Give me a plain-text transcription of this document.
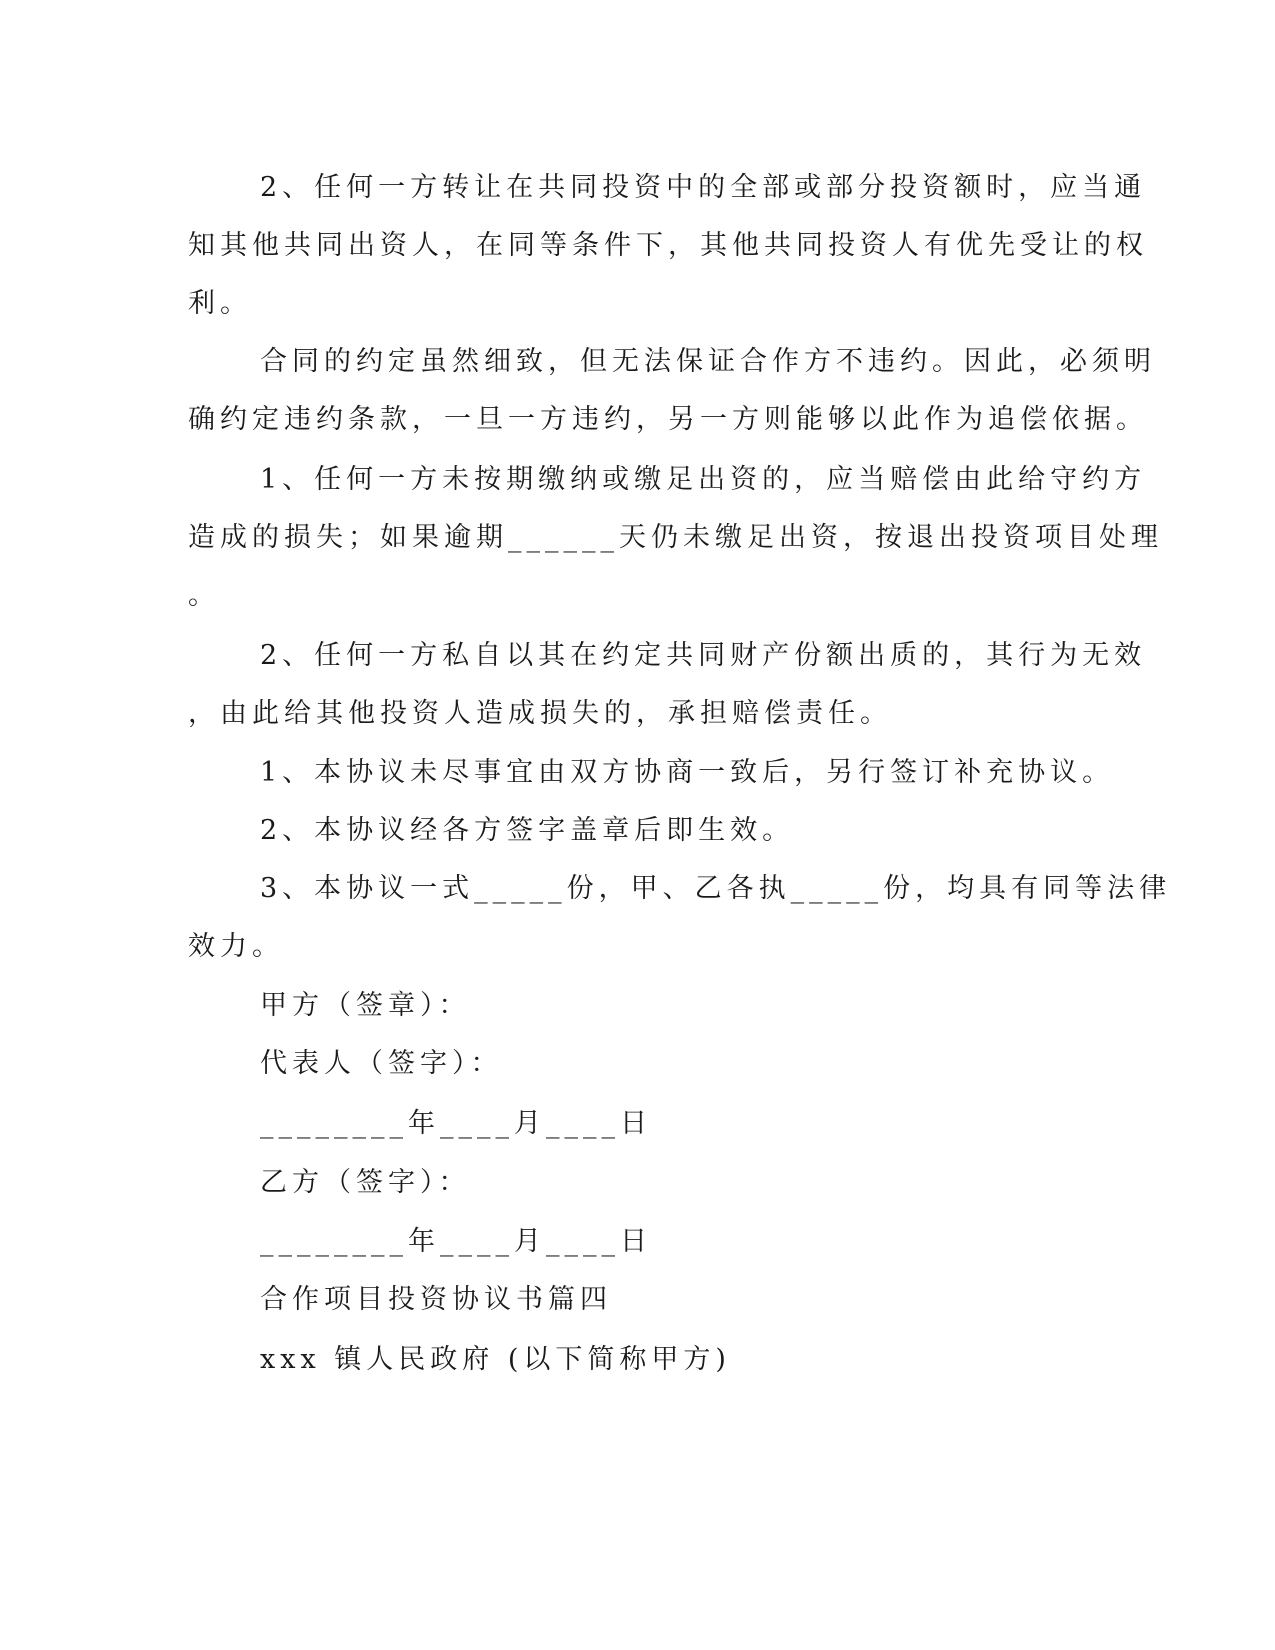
2、任何一方转让在共同投资中的全部或部分投资额时，应当通
知其他共同出资人，在同等条件下，其他共同投资人有优先受让的权
利。
合同的约定虽然细致，但无法保证合作方不违约。因此，必须明
确约定违约条款，一旦一方违约，另一方则能够以此作为追偿依据。
1、任何一方未按期缴纳或缴足出资的，应当赔偿由此给守约方
造成的损失；如果逾期______天仍未缴足出资，按退出投资项目处理
。
2、任何一方私自以其在约定共同财产份额出质的，其行为无效
，由此给其他投资人造成损失的，承担赔偿责任。
1、本协议未尽事宜由双方协商一致后，另行签订补充协议。
2、本协议经各方签字盖章后即生效。
3、本协议一式_____份，甲、乙各执_____份，均具有同等法律
效力。
甲方（签章）：
代表人（签字）：
________年____月____日
乙方（签字）：
________年____月____日
合作项目投资协议书篇四
xxx 镇人民政府 (以下简称甲方)
